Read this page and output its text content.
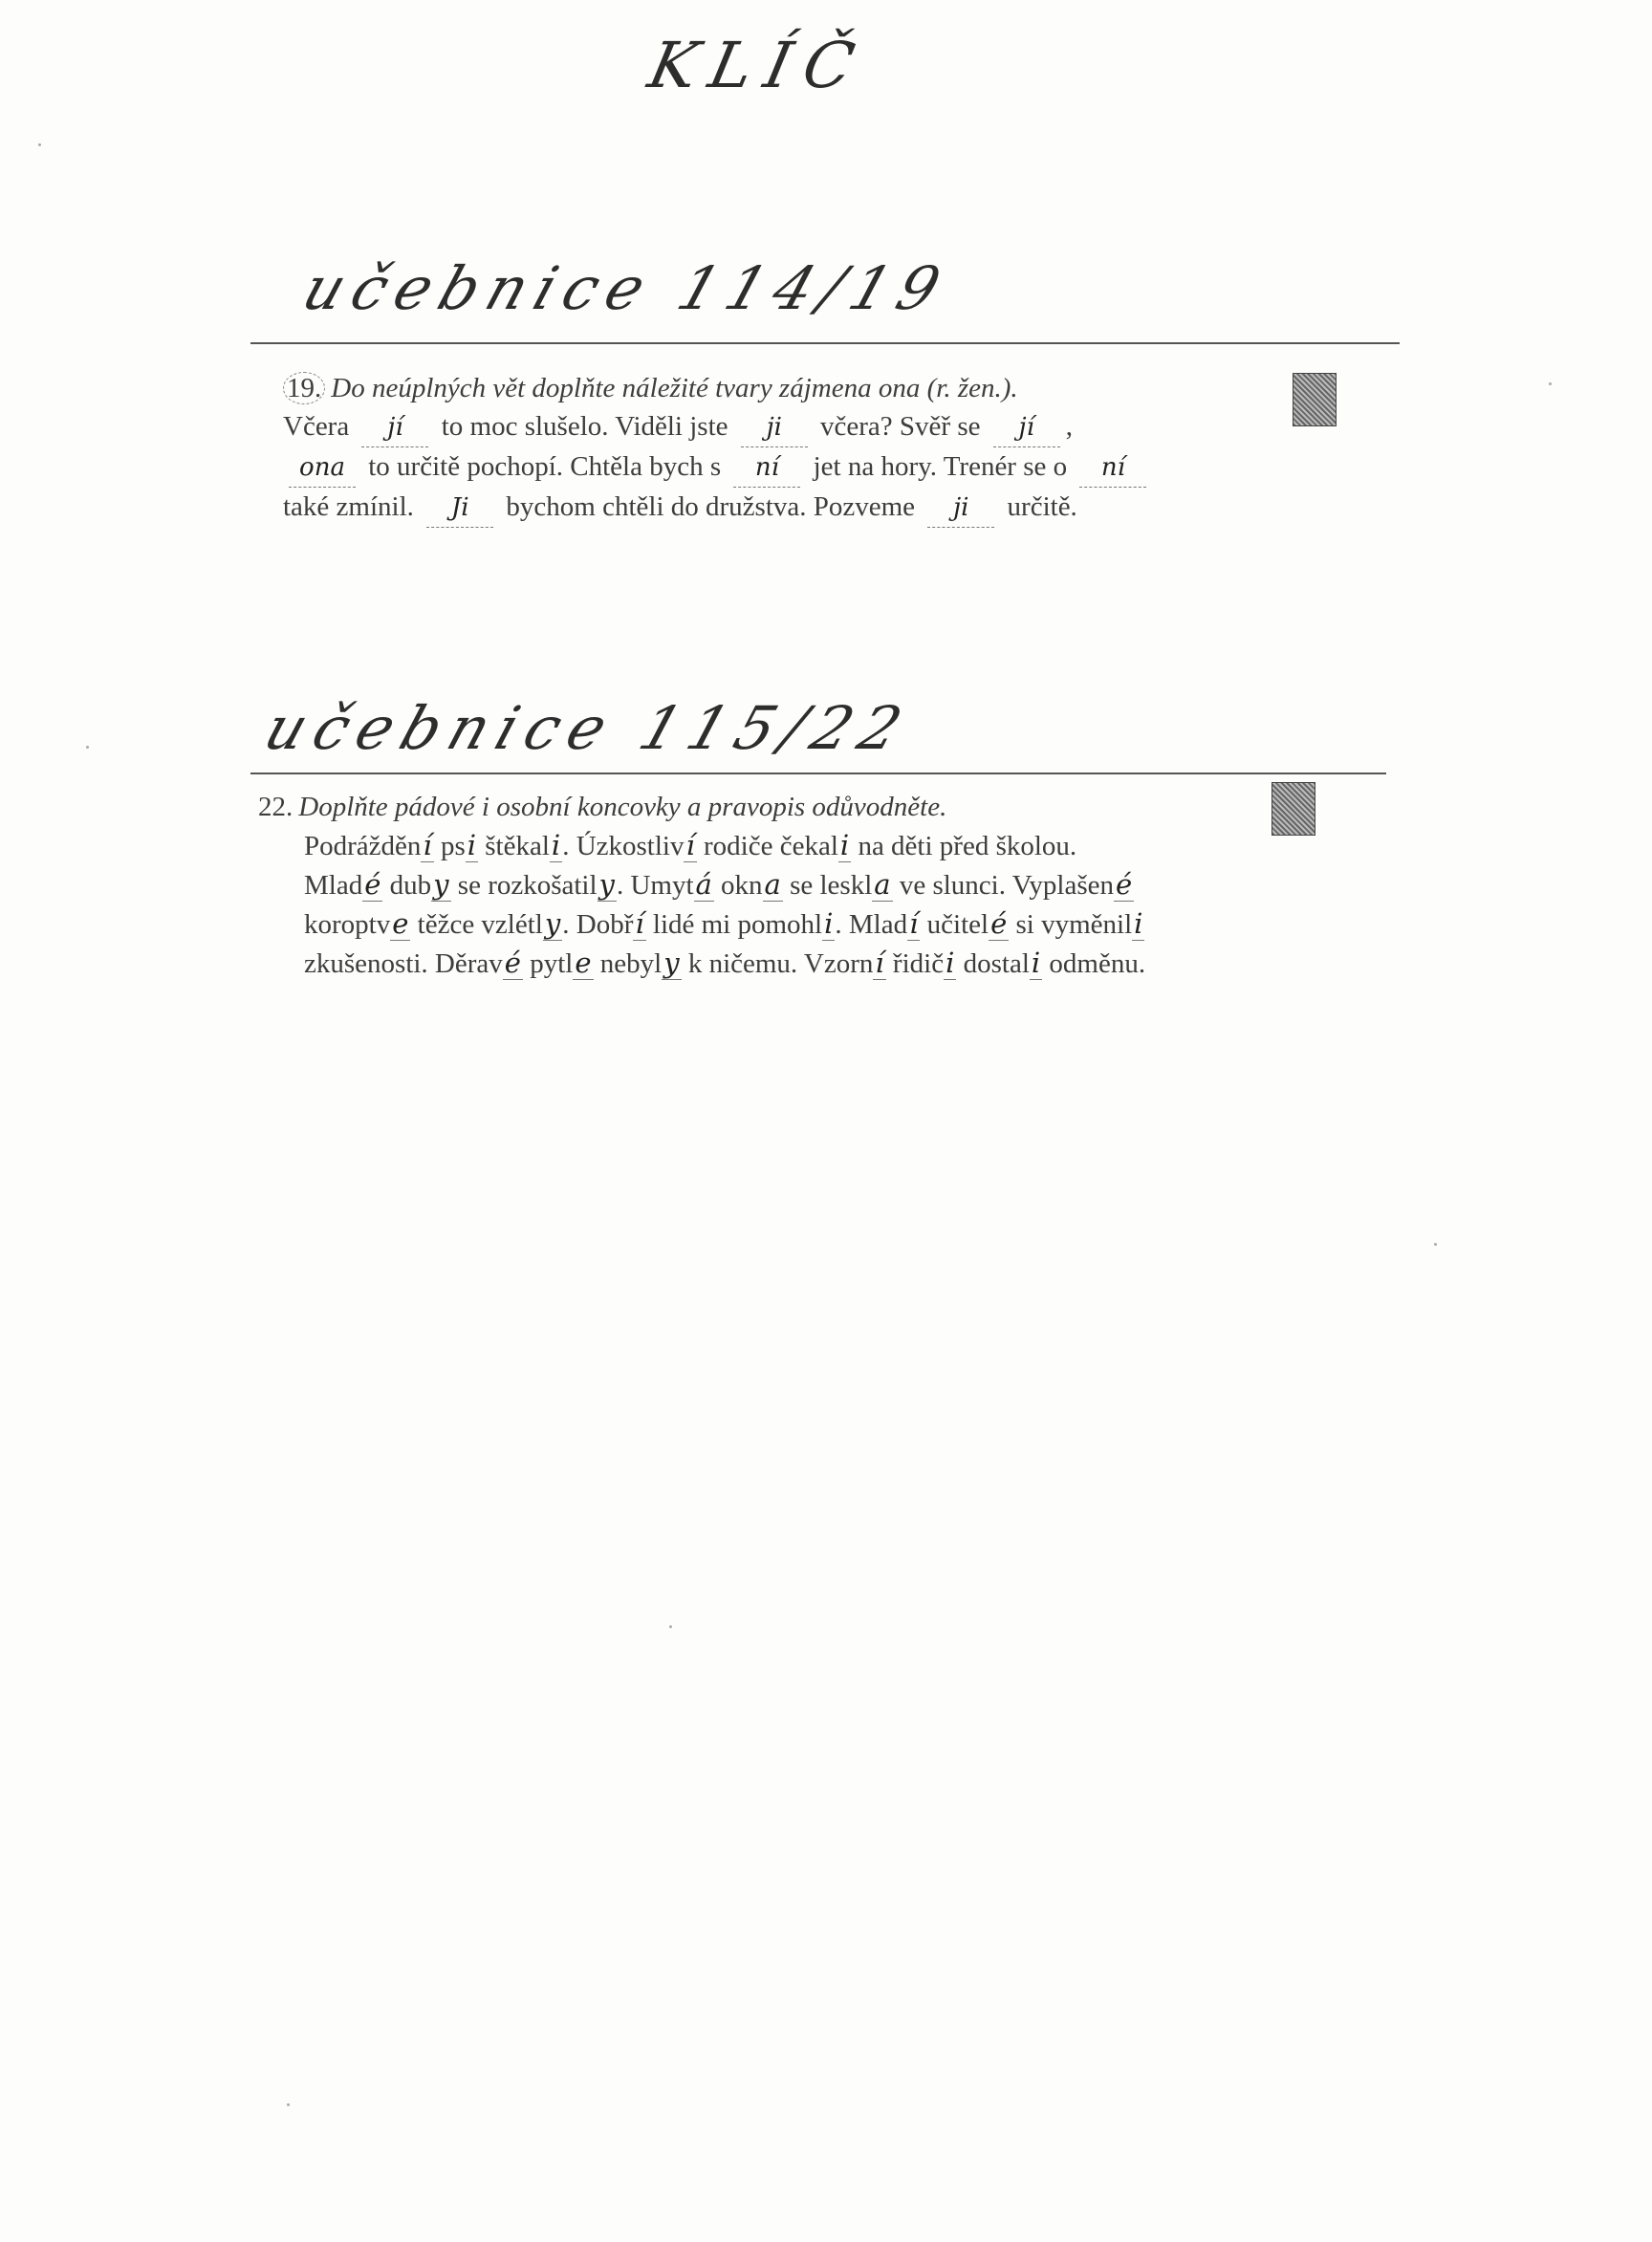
KLÍČ
učebnice 114/19
19. Do neúplných vět doplňte náležité tvary zájmena ona (r. žen.).
Včera jí to moc slušelo. Viděli jste ji včera? Svěř se jí ,
ona to určitě pochopí. Chtěla bych s ní jet na hory. Trenér se o ní
také zmínil. Ji bychom chtěli do družstva. Pozveme ji určitě.
učebnice 115/22
22. Doplňte pádové i osobní koncovky a pravopis odůvodněte.
Podráždění psi štěkali. Úzkostliví rodiče čekali na děti před školou.
Mladé duby se rozkošatily. Umytá okna se leskla ve slunci. Vyplašené
koroptve těžce vzlétly. Dobří lidé mi pomohli. Mladí učitelé si vyměnili
zkušenosti. Děravé pytle nebyly k ničemu. Vzorní řidiči dostali odměnu.
